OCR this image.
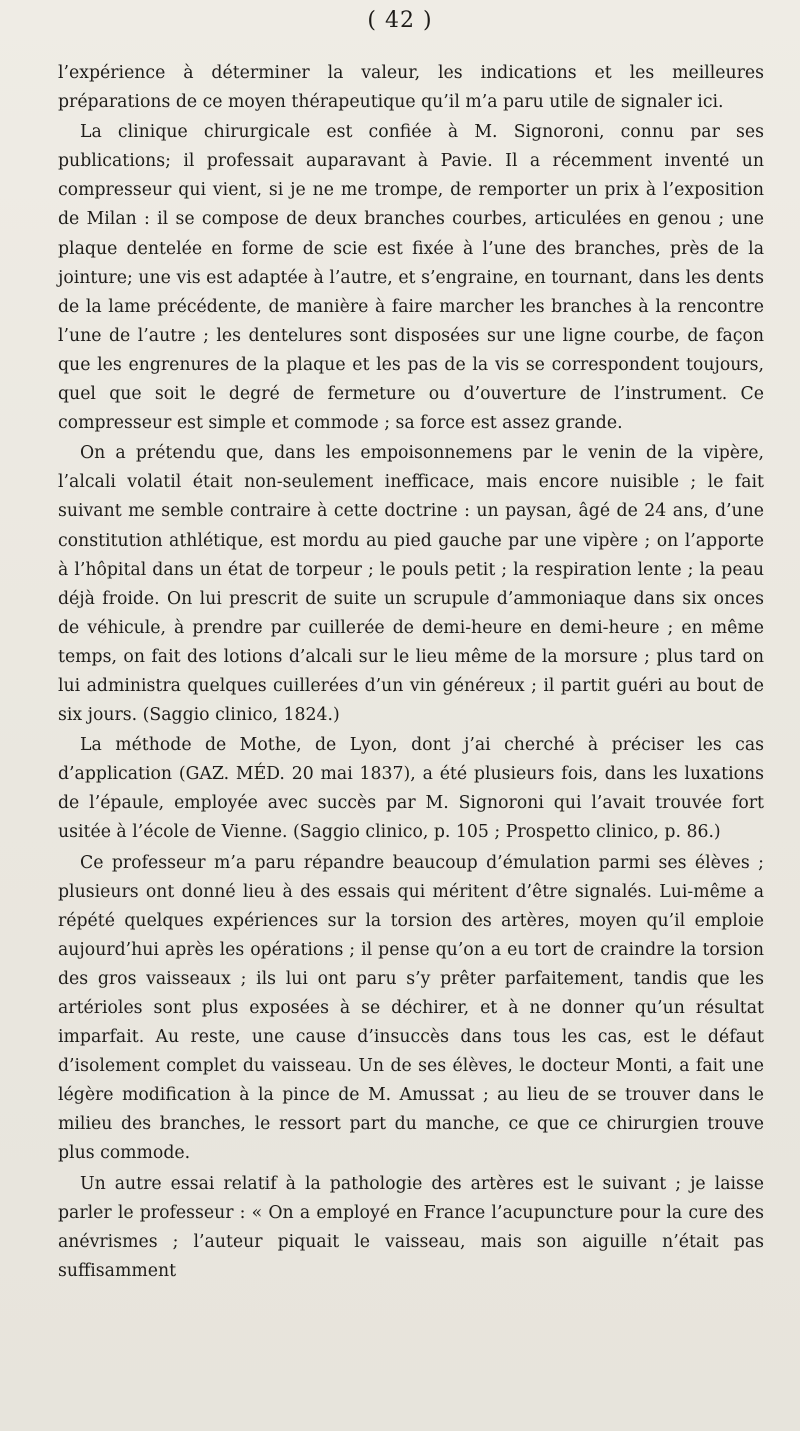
( 42 )

l’expérience à déterminer la valeur, les indications et les meilleures préparations de ce moyen thérapeutique qu’il m’a paru utile de signaler ici.

La clinique chirurgicale est confiée à M. Signoroni, connu par ses publications; il professait auparavant à Pavie. Il a récemment inventé un compresseur qui vient, si je ne me trompe, de remporter un prix à l’exposition de Milan : il se compose de deux branches courbes, articulées en genou ; une plaque dentelée en forme de scie est fixée à l’une des branches, près de la jointure; une vis est adaptée à l’autre, et s’engraine, en tournant, dans les dents de la lame précédente, de manière à faire marcher les branches à la rencontre l’une de l’autre ; les dentelures sont disposées sur une ligne courbe, de façon que les engrenures de la plaque et les pas de la vis se correspondent toujours, quel que soit le degré de fermeture ou d’ouverture de l’instrument. Ce compresseur est simple et commode ; sa force est assez grande.

On a prétendu que, dans les empoisonnemens par le venin de la vipère, l’alcali volatil était non-seulement inefficace, mais encore nuisible ; le fait suivant me semble contraire à cette doctrine : un paysan, âgé de 24 ans, d’une constitution athlétique, est mordu au pied gauche par une vipère ; on l’apporte à l’hôpital dans un état de torpeur ; le pouls petit ; la respiration lente ; la peau déjà froide. On lui prescrit de suite un scrupule d’ammoniaque dans six onces de véhicule, à prendre par cuillerée de demi-heure en demi-heure ; en même temps, on fait des lotions d’alcali sur le lieu même de la morsure ; plus tard on lui administra quelques cuillerées d’un vin généreux ; il partit guéri au bout de six jours. (Saggio clinico, 1824.)

La méthode de Mothe, de Lyon, dont j’ai cherché à préciser les cas d’application (GAZ. MÉD. 20 mai 1837), a été plusieurs fois, dans les luxations de l’épaule, employée avec succès par M. Signoroni qui l’avait trouvée fort usitée à l’école de Vienne. (Saggio clinico, p. 105 ; Prospetto clinico, p. 86.)

Ce professeur m’a paru répandre beaucoup d’émulation parmi ses élèves ; plusieurs ont donné lieu à des essais qui méritent d’être signalés. Lui-même a répété quelques expériences sur la torsion des artères, moyen qu’il emploie aujourd’hui après les opérations ; il pense qu’on a eu tort de craindre la torsion des gros vaisseaux ; ils lui ont paru s’y prêter parfaitement, tandis que les artérioles sont plus exposées à se déchirer, et à ne donner qu’un résultat imparfait. Au reste, une cause d’insuccès dans tous les cas, est le défaut d’isolement complet du vaisseau. Un de ses élèves, le docteur Monti, a fait une légère modification à la pince de M. Amussat ; au lieu de se trouver dans le milieu des branches, le ressort part du manche, ce que ce chirurgien trouve plus commode.

Un autre essai relatif à la pathologie des artères est le suivant ; je laisse parler le professeur : « On a employé en France l’acupuncture pour la cure des anévrismes ; l’auteur piquait le vaisseau, mais son aiguille n’était pas suffisamment
